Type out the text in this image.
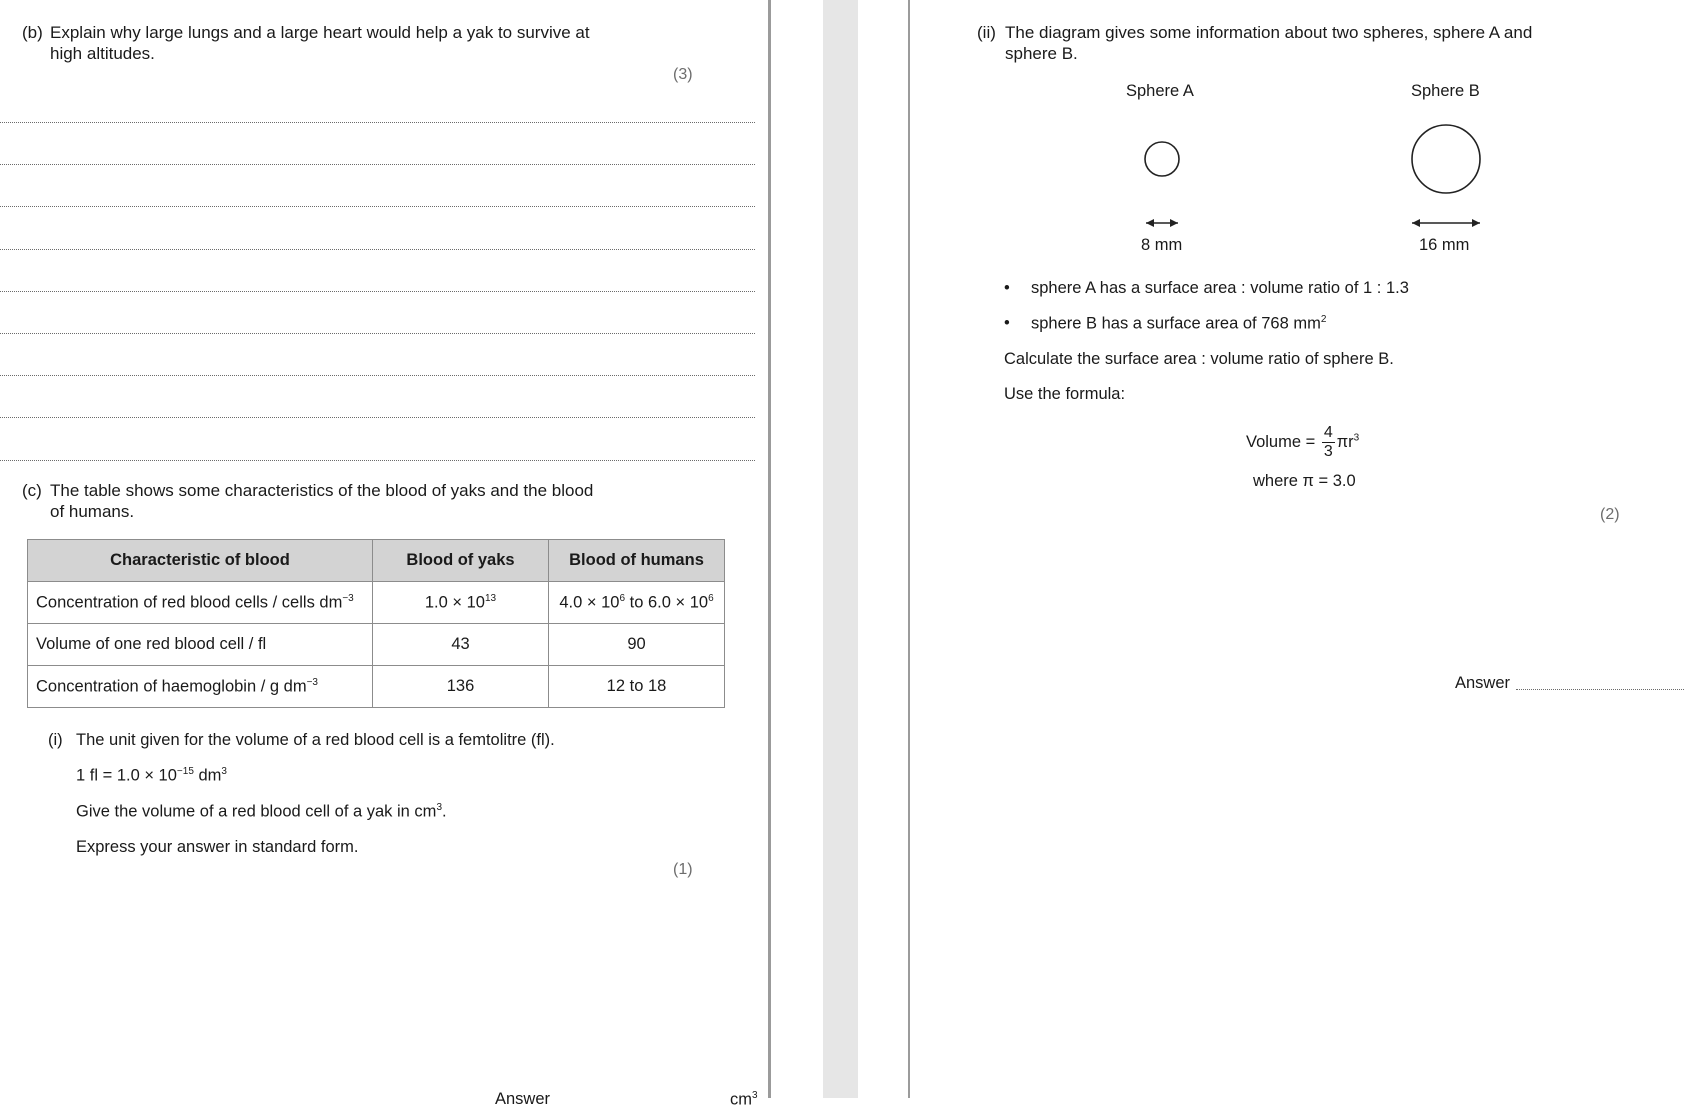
(b) Explain why large lungs and a large heart would help a yak to survive at high altitudes.
(3)
(c) The table shows some characteristics of the blood of yaks and the blood of humans.
Characteristic of blood	Blood of yaks	Blood of humans
Concentration of red blood cells / cells $dm^{-3}$	$1.0 \times 10^{13}$	$4.0 \times 10^6$ to $6.0 \times 10^6$
Volume of one red blood cell / fl	43	90
Concentration of haemoglobin / g $dm^{-3}$	136	12 to 18
(i) The unit given for the volume of a red blood cell is a femtolitre (fl).
1 fl = $1.0 \times 10^{-15}$ $dm^3$
Give the volume of a red blood cell of a yak in $cm^3$.
Express your answer in standard form.
(1)
Answer	$cm^3$
(ii) The diagram gives some information about two spheres, sphere A and sphere B.
Sphere A	Sphere B
8 mm	16 mm
• sphere A has a surface area : volume ratio of 1 : 1.3
• sphere B has a surface area of 768 $mm^2$
Calculate the surface area : volume ratio of sphere B.
Use the formula:
Volume = $\frac{4}{3} \pi r^3$
where π = 3.0
(2)
Answer
